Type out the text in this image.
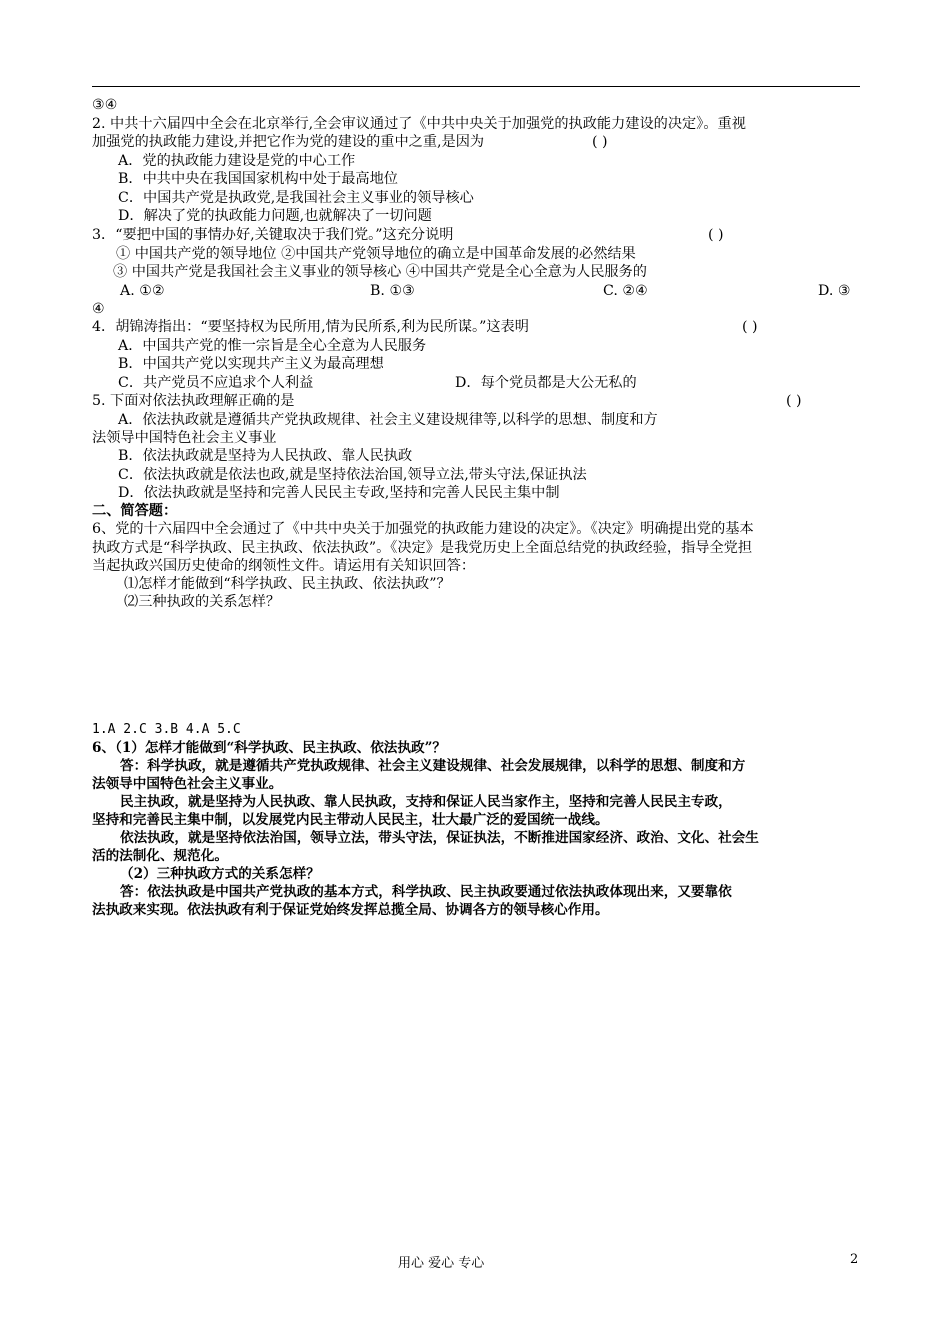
③④
2. 中共十六届四中全会在北京举行,全会审议通过了《中共中央关于加强党的执政能力建设的决定》。重视
加强党的执政能力建设,并把它作为党的建设的重中之重,是因为	( )
A．党的执政能力建设是党的中心工作
B．中共中央在我国国家机构中处于最高地位
C．中国共产党是执政党,是我国社会主义事业的领导核心
D．解决了党的执政能力问题,也就解决了一切问题
3．“要把中国的事情办好,关键取决于我们党。”这充分说明	( )
① 中国共产党的领导地位 ②中国共产党领导地位的确立是中国革命发展的必然结果
③ 中国共产党是我国社会主义事业的领导核心 ④中国共产党是全心全意为人民服务的
A. ①②	B. ①③	C. ②④	D. ③
④
4．胡锦涛指出：“要坚持权为民所用,情为民所系,利为民所谋。”这表明	( )
A．中国共产党的惟一宗旨是全心全意为人民服务
B．中国共产党以实现共产主义为最高理想
C．共产党员不应追求个人利益	D．每个党员都是大公无私的
5. 下面对依法执政理解正确的是	( )
A．依法执政就是遵循共产党执政规律、社会主义建设规律等,以科学的思想、制度和方
法领导中国特色社会主义事业
B．依法执政就是坚持为人民执政、靠人民执政
C．依法执政就是依法也政,就是坚持依法治国,领导立法,带头守法,保证执法
D．依法执政就是坚持和完善人民民主专政,坚持和完善人民民主集中制
二、简答题：
6、党的十六届四中全会通过了《中共中央关于加强党的执政能力建设的决定》。《决定》明确提出党的基本
执政方式是“科学执政、民主执政、依法执政”。《决定》是我党历史上全面总结党的执政经验，指导全党担
当起执政兴国历史使命的纲领性文件。请运用有关知识回答：
⑴怎样才能做到“科学执政、民主执政、依法执政”？
⑵三种执政的关系怎样？
1.A 2.C 3.B 4.A 5.C
6、（1）怎样才能做到“科学执政、民主执政、依法执政”？
答：科学执政，就是遵循共产党执政规律、社会主义建设规律、社会发展规律，以科学的思想、制度和方
法领导中国特色社会主义事业。
民主执政，就是坚持为人民执政、靠人民执政，支持和保证人民当家作主，坚持和完善人民民主专政，
坚持和完善民主集中制，以发展党内民主带动人民民主，壮大最广泛的爱国统一战线。
依法执政，就是坚持依法治国，领导立法，带头守法，保证执法，不断推进国家经济、政治、文化、社会生
活的法制化、规范化。
（2）三种执政方式的关系怎样？
答：依法执政是中国共产党执政的基本方式，科学执政、民主执政要通过依法执政体现出来，又要靠依
法执政来实现。依法执政有利于保证党始终发挥总揽全局、协调各方的领导核心作用。
用心 爱心 专心	2
